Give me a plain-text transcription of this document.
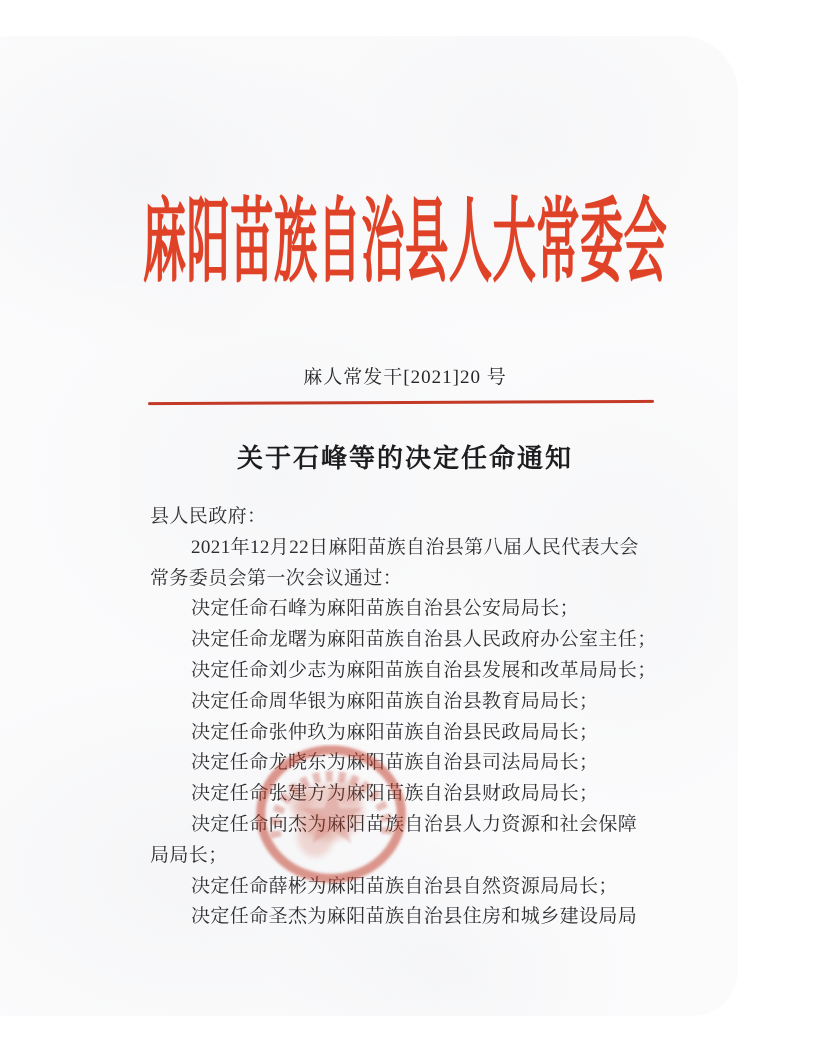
麻阳苗族自治县人大常委会
麻人常发干[2021]20 号
关于石峰等的决定任命通知
县人民政府：
2021年12月22日麻阳苗族自治县第八届人民代表大会
常务委员会第一次会议通过：
决定任命石峰为麻阳苗族自治县公安局局长；
决定任命龙曙为麻阳苗族自治县人民政府办公室主任；
决定任命刘少志为麻阳苗族自治县发展和改革局局长；
决定任命周华银为麻阳苗族自治县教育局局长；
决定任命张仲玖为麻阳苗族自治县民政局局长；
决定任命龙晓东为麻阳苗族自治县司法局局长；
决定任命张建方为麻阳苗族自治县财政局局长；
决定任命向杰为麻阳苗族自治县人力资源和社会保障
局局长；
决定任命薛彬为麻阳苗族自治县自然资源局局长；
决定任命圣杰为麻阳苗族自治县住房和城乡建设局局
